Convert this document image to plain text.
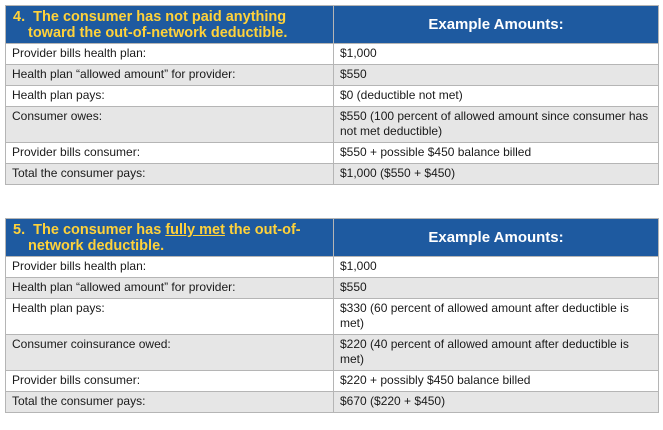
4. The consumer has not paid anything
toward the out-of-network deductible.	Example Amounts:
Provider bills health plan:	$1,000
Health plan “allowed amount” for provider:	$550
Health plan pays:	$0 (deductible not met)
Consumer owes:	$550 (100 percent of allowed amount since consumer has not met deductible)
Provider bills consumer:	$550 + possible $450 balance billed
Total the consumer pays:	$1,000 ($550 + $450)
5. The consumer has fully met the out-of-
network deductible.	Example Amounts:
Provider bills health plan:	$1,000
Health plan “allowed amount” for provider:	$550
Health plan pays:	$330 (60 percent of allowed amount after deductible is met)
Consumer coinsurance owed:	$220 (40 percent of allowed amount after deductible is met)
Provider bills consumer:	$220 + possibly $450 balance billed
Total the consumer pays:	$670 ($220 + $450)
